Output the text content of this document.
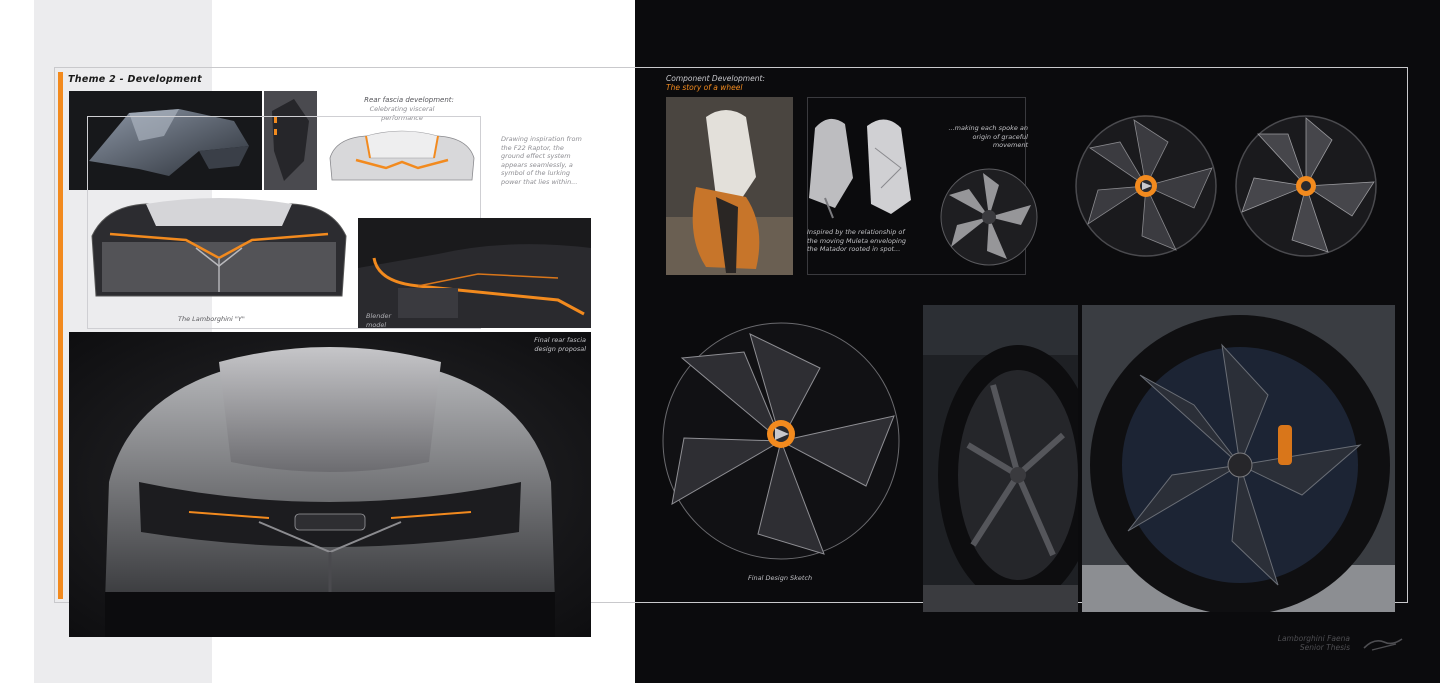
Theme 2 - Development
Rear fascia development:
Celebrating visceral performance
Drawing inspiration from the F22 Raptor, the ground effect system appears seamlessly, a symbol of the lurking power that lies within...
The Lamborghini "Y"	Blender model
Final rear fascia design proposal
Component Development:
The story of a wheel
Inspired by the relationship of the moving Muleta enveloping the Matador rooted in spot...
...making each spoke an origin of graceful movement
Final Design Sketch
Lamborghini Faena
Senior Thesis
